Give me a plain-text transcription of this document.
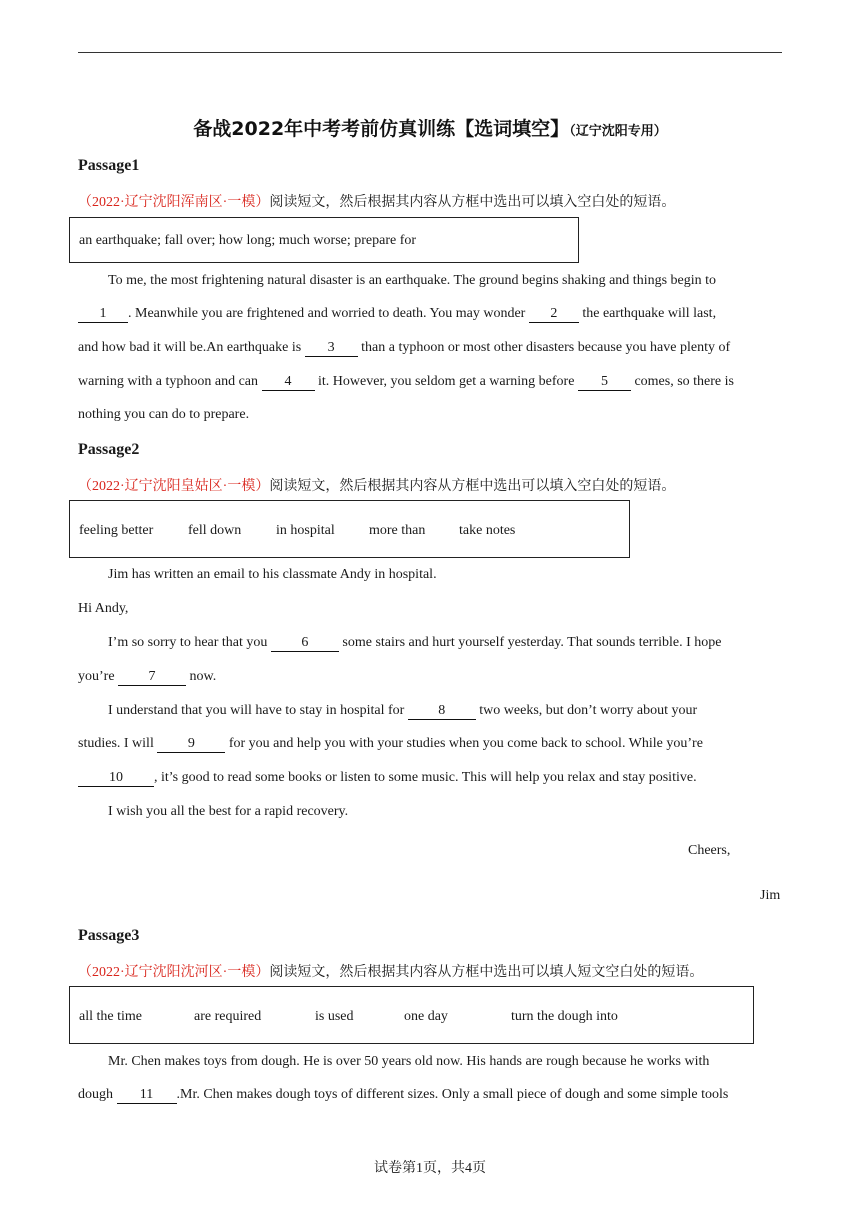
备战2022年中考考前仿真训练【选词填空】（辽宁沈阳专用）
Passage1
（2022·辽宁沈阳浑南区·一模）阅读短文，然后根据其内容从方框中选出可以填入空白处的短语。
an earthquake; fall over; how long; much worse; prepare for
To me, the most frightening natural disaster is an earthquake. The ground begins shaking and things begin to
1 . Meanwhile you are frightened and worried to death. You may wonder 2 the earthquake will last,
and how bad it will be.An earthquake is 3 than a typhoon or most other disasters because you have plenty of
warning with a typhoon and can 4 it. However, you seldom get a warning before 5 comes, so there is
nothing you can do to prepare.
Passage2
（2022·辽宁沈阳皇姑区·一模）阅读短文，然后根据其内容从方框中选出可以填入空白处的短语。
feeling better fell down in hospital more than take notes
Jim has written an email to his classmate Andy in hospital.
Hi Andy,
I’m so sorry to hear that you 6 some stairs and hurt yourself yesterday. That sounds terrible. I hope
you’re 7 now.
I understand that you will have to stay in hospital for 8 two weeks, but don’t worry about your
studies. I will 9 for you and help you with your studies when you come back to school. While you’re
10 , it’s good to read some books or listen to some music. This will help you relax and stay positive.
I wish you all the best for a rapid recovery.
Cheers,
Jim
Passage3
（2022·辽宁沈阳沈河区·一模）阅读短文，然后根据其内容从方框中选出可以填人短文空白处的短语。
all the time	are required	is used	one day	turn the dough into
Mr. Chen makes toys from dough. He is over 50 years old now. His hands are rough because he works with
dough 11 .Mr. Chen makes dough toys of different sizes. Only a small piece of dough and some simple tools
试卷第1页，共4页
